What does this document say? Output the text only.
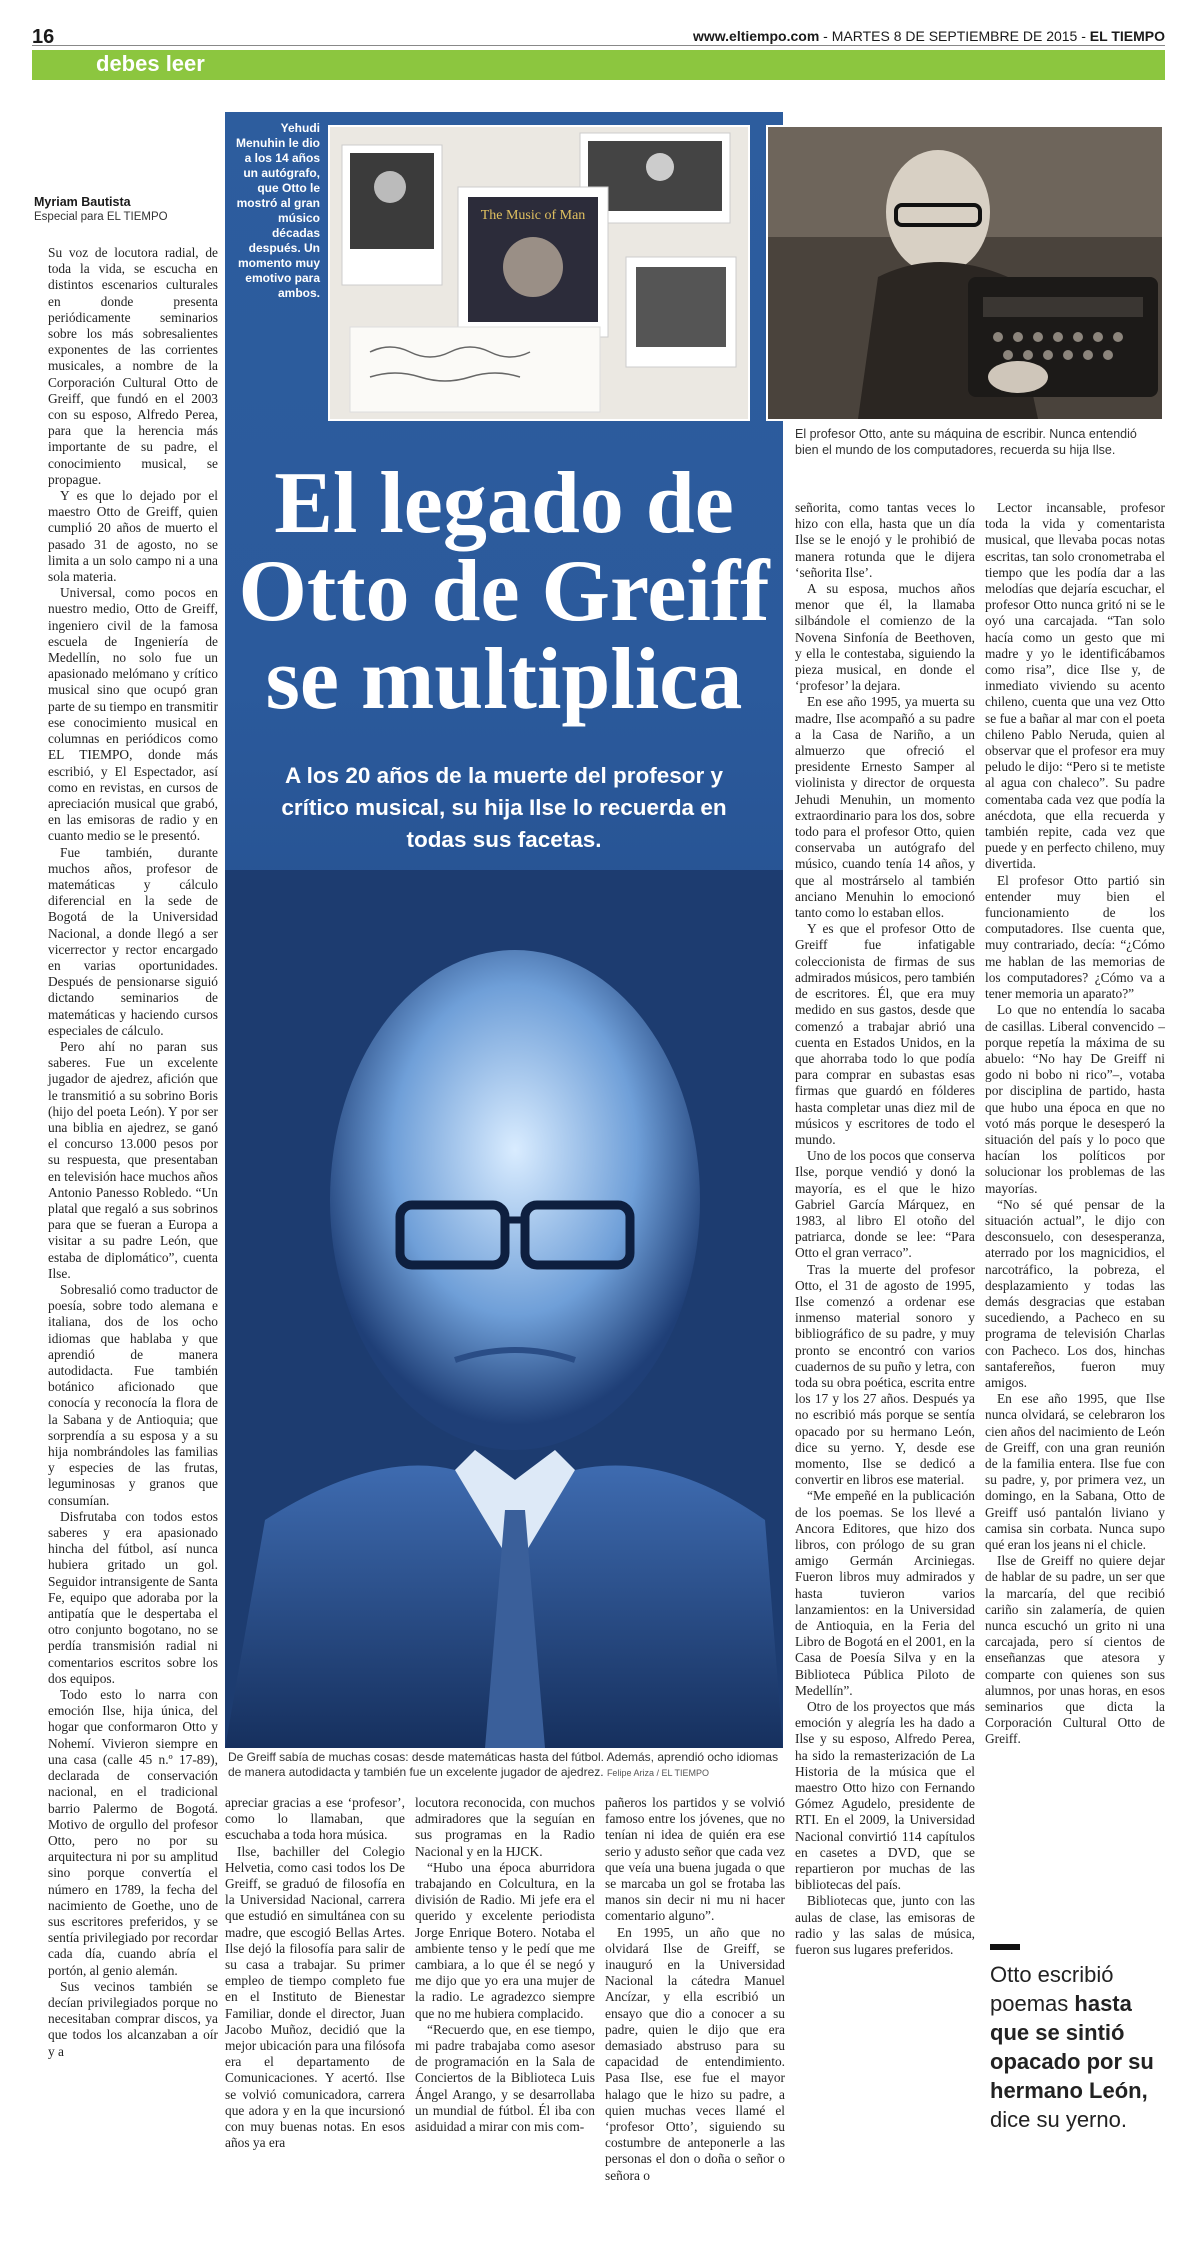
16	www.eltiempo.com - MARTES 8 DE SEPTIEMBRE DE 2015 - EL TIEMPO
debes leer
Myriam Bautista
Especial para EL TIEMPO

Su voz de locutora radial, de toda la vida, se escucha en distintos escenarios culturales en donde presenta periódicamente seminarios sobre los más sobresalientes exponentes de las corrientes musicales, a nombre de la Corporación Cultural Otto de Greiff, que fundó en el 2003 con su esposo, Alfredo Perea, para que la herencia más importante de su padre, el conocimiento musical, se propague.

Y es que lo dejado por el maestro Otto de Greiff, quien cumplió 20 años de muerto el pasado 31 de agosto, no se limita a un solo campo ni a una sola materia.

Universal, como pocos en nuestro medio, Otto de Greiff, ingeniero civil de la famosa escuela de Ingeniería de Medellín, no solo fue un apasionado melómano y crítico musical sino que ocupó gran parte de su tiempo en transmitir ese conocimiento musical en columnas en periódicos como EL TIEMPO, donde más escribió, y El Espectador, así como en revistas, en cursos de apreciación musical que grabó, en las emisoras de radio y en cuanto medio se le presentó.

Fue también, durante muchos años, profesor de matemáticas y cálculo diferencial en la sede de Bogotá de la Universidad Nacional, a donde llegó a ser vicerrector y rector encargado en varias oportunidades. Después de pensionarse siguió dictando seminarios de matemáticas y haciendo cursos especiales de cálculo.

Pero ahí no paran sus saberes. Fue un excelente jugador de ajedrez, afición que le transmitió a su sobrino Boris (hijo del poeta León). Y por ser una biblia en ajedrez, se ganó el concurso 13.000 pesos por su respuesta, que presentaban en televisión hace muchos años Antonio Panesso Robledo. “Un platal que regaló a sus sobrinos para que se fueran a Europa a visitar a su padre León, que estaba de diplomático”, cuenta Ilse.

Sobresalió como traductor de poesía, sobre todo alemana e italiana, dos de los ocho idiomas que hablaba y que aprendió de manera autodidacta. Fue también botánico aficionado que conocía y reconocía la flora de la Sabana y de Antioquia; que sorprendía a su esposa y a su hija nombrándoles las familias y especies de las frutas, leguminosas y granos que consumían.

Disfrutaba con todos estos saberes y era apasionado hincha del fútbol, así nunca hubiera gritado un gol. Seguidor intransigente de Santa Fe, equipo que adoraba por la antipatía que le despertaba el otro conjunto bogotano, no se perdía transmisión radial ni comentarios escritos sobre los dos equipos.

Todo esto lo narra con emoción Ilse, hija única, del hogar que conformaron Otto y Nohemí. Vivieron siempre en una casa (calle 45 n.º 17-89), declarada de conservación nacional, en el tradicional barrio Palermo de Bogotá. Motivo de orgullo del profesor Otto, pero no por su arquitectura ni por su amplitud sino porque convertía el número en 1789, la fecha del nacimiento de Goethe, uno de sus escritores preferidos, y se sentía privilegiado por recordar cada día, cuando abría el portón, al genio alemán.

Sus vecinos también se decían privilegiados porque no necesitaban comprar discos, ya que todos los alcanzaban a oír y a

Yehudi Menuhin le dio a los 14 años un autógrafo, que Otto le mostró al gran músico décadas después. Un momento muy emotivo para ambos.
The Music of Man
El profesor Otto, ante su máquina de escribir. Nunca entendió bien el mundo de los computadores, recuerda su hija Ilse.
El legado de Otto de Greiff se multiplica
A los 20 años de la muerte del profesor y crítico musical, su hija Ilse lo recuerda en todas sus facetas.
De Greiff sabía de muchas cosas: desde matemáticas hasta del fútbol. Además, aprendió ocho idiomas de manera autodidacta y también fue un excelente jugador de ajedrez. Felipe Ariza / EL TIEMPO

apreciar gracias a ese ‘profesor’, como lo llamaban, que escuchaba a toda hora música.

Ilse, bachiller del Colegio Helvetia, como casi todos los De Greiff, se graduó de filosofía en la Universidad Nacional, carrera que estudió en simultánea con su madre, que escogió Bellas Artes. Ilse dejó la filosofía para salir de su casa a trabajar. Su primer empleo de tiempo completo fue en el Instituto de Bienestar Familiar, donde el director, Juan Jacobo Muñoz, decidió que la mejor ubicación para una filósofa era el departamento de Comunicaciones. Y acertó. Ilse se volvió comunicadora, carrera que adora y en la que incursionó con muy buenas notas. En esos años ya era

locutora reconocida, con muchos admiradores que la seguían en sus programas en la Radio Nacional y en la HJCK.

“Hubo una época aburridora trabajando en Colcultura, en la división de Radio. Mi jefe era el querido y excelente periodista Jorge Enrique Botero. Notaba el ambiente tenso y le pedí que me cambiara, a lo que él se negó y me dijo que yo era una mujer de la radio. Le agradezco siempre que no me hubiera complacido.

“Recuerdo que, en ese tiempo, mi padre trabajaba como asesor de programación en la Sala de Conciertos de la Biblioteca Luis Ángel Arango, y se desarrollaba un mundial de fútbol. Él iba con asiduidad a mirar con mis com-

pañeros los partidos y se volvió famoso entre los jóvenes, que no tenían ni idea de quién era ese serio y adusto señor que cada vez que veía una buena jugada o que se marcaba un gol se frotaba las manos sin decir ni mu ni hacer comentario alguno”.

En 1995, un año que no olvidará Ilse de Greiff, se inauguró en la Universidad Nacional la cátedra Manuel Ancízar, y ella escribió un ensayo que dio a conocer a su padre, quien le dijo que era demasiado abstruso para su capacidad de entendimiento. Pasa Ilse, ese fue el mayor halago que le hizo su padre, a quien muchas veces llamé el ‘profesor Otto’, siguiendo su costumbre de anteponerle a las personas el don o doña o señor o señora o

señorita, como tantas veces lo hizo con ella, hasta que un día Ilse se le enojó y le prohibió de manera rotunda que le dijera ‘señorita Ilse’.

A su esposa, muchos años menor que él, la llamaba silbándole el comienzo de la Novena Sinfonía de Beethoven, y ella le contestaba, siguiendo la pieza musical, en donde el ‘profesor’ la dejara.

En ese año 1995, ya muerta su madre, Ilse acompañó a su padre a la Casa de Nariño, a un almuerzo que ofreció el presidente Ernesto Samper al violinista y director de orquesta Jehudi Menuhin, un momento extraordinario para los dos, sobre todo para el profesor Otto, quien conservaba un autógrafo del músico, cuando tenía 14 años, y que al mostrárselo al también anciano Menuhin lo emocionó tanto como lo estaban ellos.

Y es que el profesor Otto de Greiff fue infatigable coleccionista de firmas de sus admirados músicos, pero también de escritores. Él, que era muy medido en sus gastos, desde que comenzó a trabajar abrió una cuenta en Estados Unidos, en la que ahorraba todo lo que podía para comprar en subastas esas firmas que guardó en fólderes hasta completar unas diez mil de músicos y escritores de todo el mundo.

Uno de los pocos que conserva Ilse, porque vendió y donó la mayoría, es el que le hizo Gabriel García Márquez, en 1983, al libro El otoño del patriarca, donde se lee: “Para Otto el gran verraco”.

Tras la muerte del profesor Otto, el 31 de agosto de 1995, Ilse comenzó a ordenar ese inmenso material sonoro y bibliográfico de su padre, y muy pronto se encontró con varios cuadernos de su puño y letra, con toda su obra poética, escrita entre los 17 y los 27 años. Después ya no escribió más porque se sentía opacado por su hermano León, dice su yerno. Y, desde ese momento, Ilse se dedicó a convertir en libros ese material.

“Me empeñé en la publicación de los poemas. Se los llevé a Ancora Editores, que hizo dos libros, con prólogo de su gran amigo Germán Arciniegas. Fueron libros muy admirados y hasta tuvieron varios lanzamientos: en la Universidad de Antioquia, en la Feria del Libro de Bogotá en el 2001, en la Casa de Poesía Silva y en la Biblioteca Pública Piloto de Medellín”.

Otro de los proyectos que más emoción y alegría les ha dado a Ilse y su esposo, Alfredo Perea, ha sido la remasterización de La Historia de la música que el maestro Otto hizo con Fernando Gómez Agudelo, presidente de RTI. En el 2009, la Universidad Nacional convirtió 114 capítulos en casetes a DVD, que se repartieron por muchas de las bibliotecas del país.

Bibliotecas que, junto con las aulas de clase, las emisoras de radio y las salas de música, fueron sus lugares preferidos.

Lector incansable, profesor toda la vida y comentarista musical, que llevaba pocas notas escritas, tan solo cronometraba el tiempo que les podía dar a las melodías que dejaría escuchar, el profesor Otto nunca gritó ni se le oyó una carcajada. “Tan solo hacía como un gesto que mi madre y yo le identificábamos como risa”, dice Ilse y, de inmediato viviendo su acento chileno, cuenta que una vez Otto se fue a bañar al mar con el poeta chileno Pablo Neruda, quien al observar que el profesor era muy peludo le dijo: “Pero si te metiste al agua con chaleco”. Su padre comentaba cada vez que podía la anécdota, que ella recuerda y también repite, cada vez que puede y en perfecto chileno, muy divertida.

El profesor Otto partió sin entender muy bien el funcionamiento de los computadores. Ilse cuenta que, muy contrariado, decía: “¿Cómo me hablan de las memorias de los computadores? ¿Cómo va a tener memoria un aparato?”

Lo que no entendía lo sacaba de casillas. Liberal convencido –porque repetía la máxima de su abuelo: “No hay De Greiff ni godo ni bobo ni rico”–, votaba por disciplina de partido, hasta que hubo una época en que no votó más porque le desesperó la situación del país y lo poco que hacían los políticos por solucionar los problemas de las mayorías.

“No sé qué pensar de la situación actual”, le dijo con desconsuelo, con desesperanza, aterrado por los magnicidios, el narcotráfico, la pobreza, el desplazamiento y todas las demás desgracias que estaban sucediendo, a Pacheco en su programa de televisión Charlas con Pacheco. Los dos, hinchas santafereños, fueron muy amigos.

En ese año 1995, que Ilse nunca olvidará, se celebraron los cien años del nacimiento de León de Greiff, con una gran reunión de la familia entera. Ilse fue con su padre, y, por primera vez, un domingo, en la Sabana, Otto de Greiff usó pantalón liviano y camisa sin corbata. Nunca supo qué eran los jeans ni el chicle.

Ilse de Greiff no quiere dejar de hablar de su padre, un ser que la marcaría, del que recibió cariño sin zalamería, de quien nunca escuchó un grito ni una carcajada, pero sí cientos de enseñanzas que atesora y comparte con quienes son sus alumnos, por unas horas, en esos seminarios que dicta la Corporación Cultural Otto de Greiff.

Otto escribió poemas hasta que se sintió opacado por su hermano León, dice su yerno.
